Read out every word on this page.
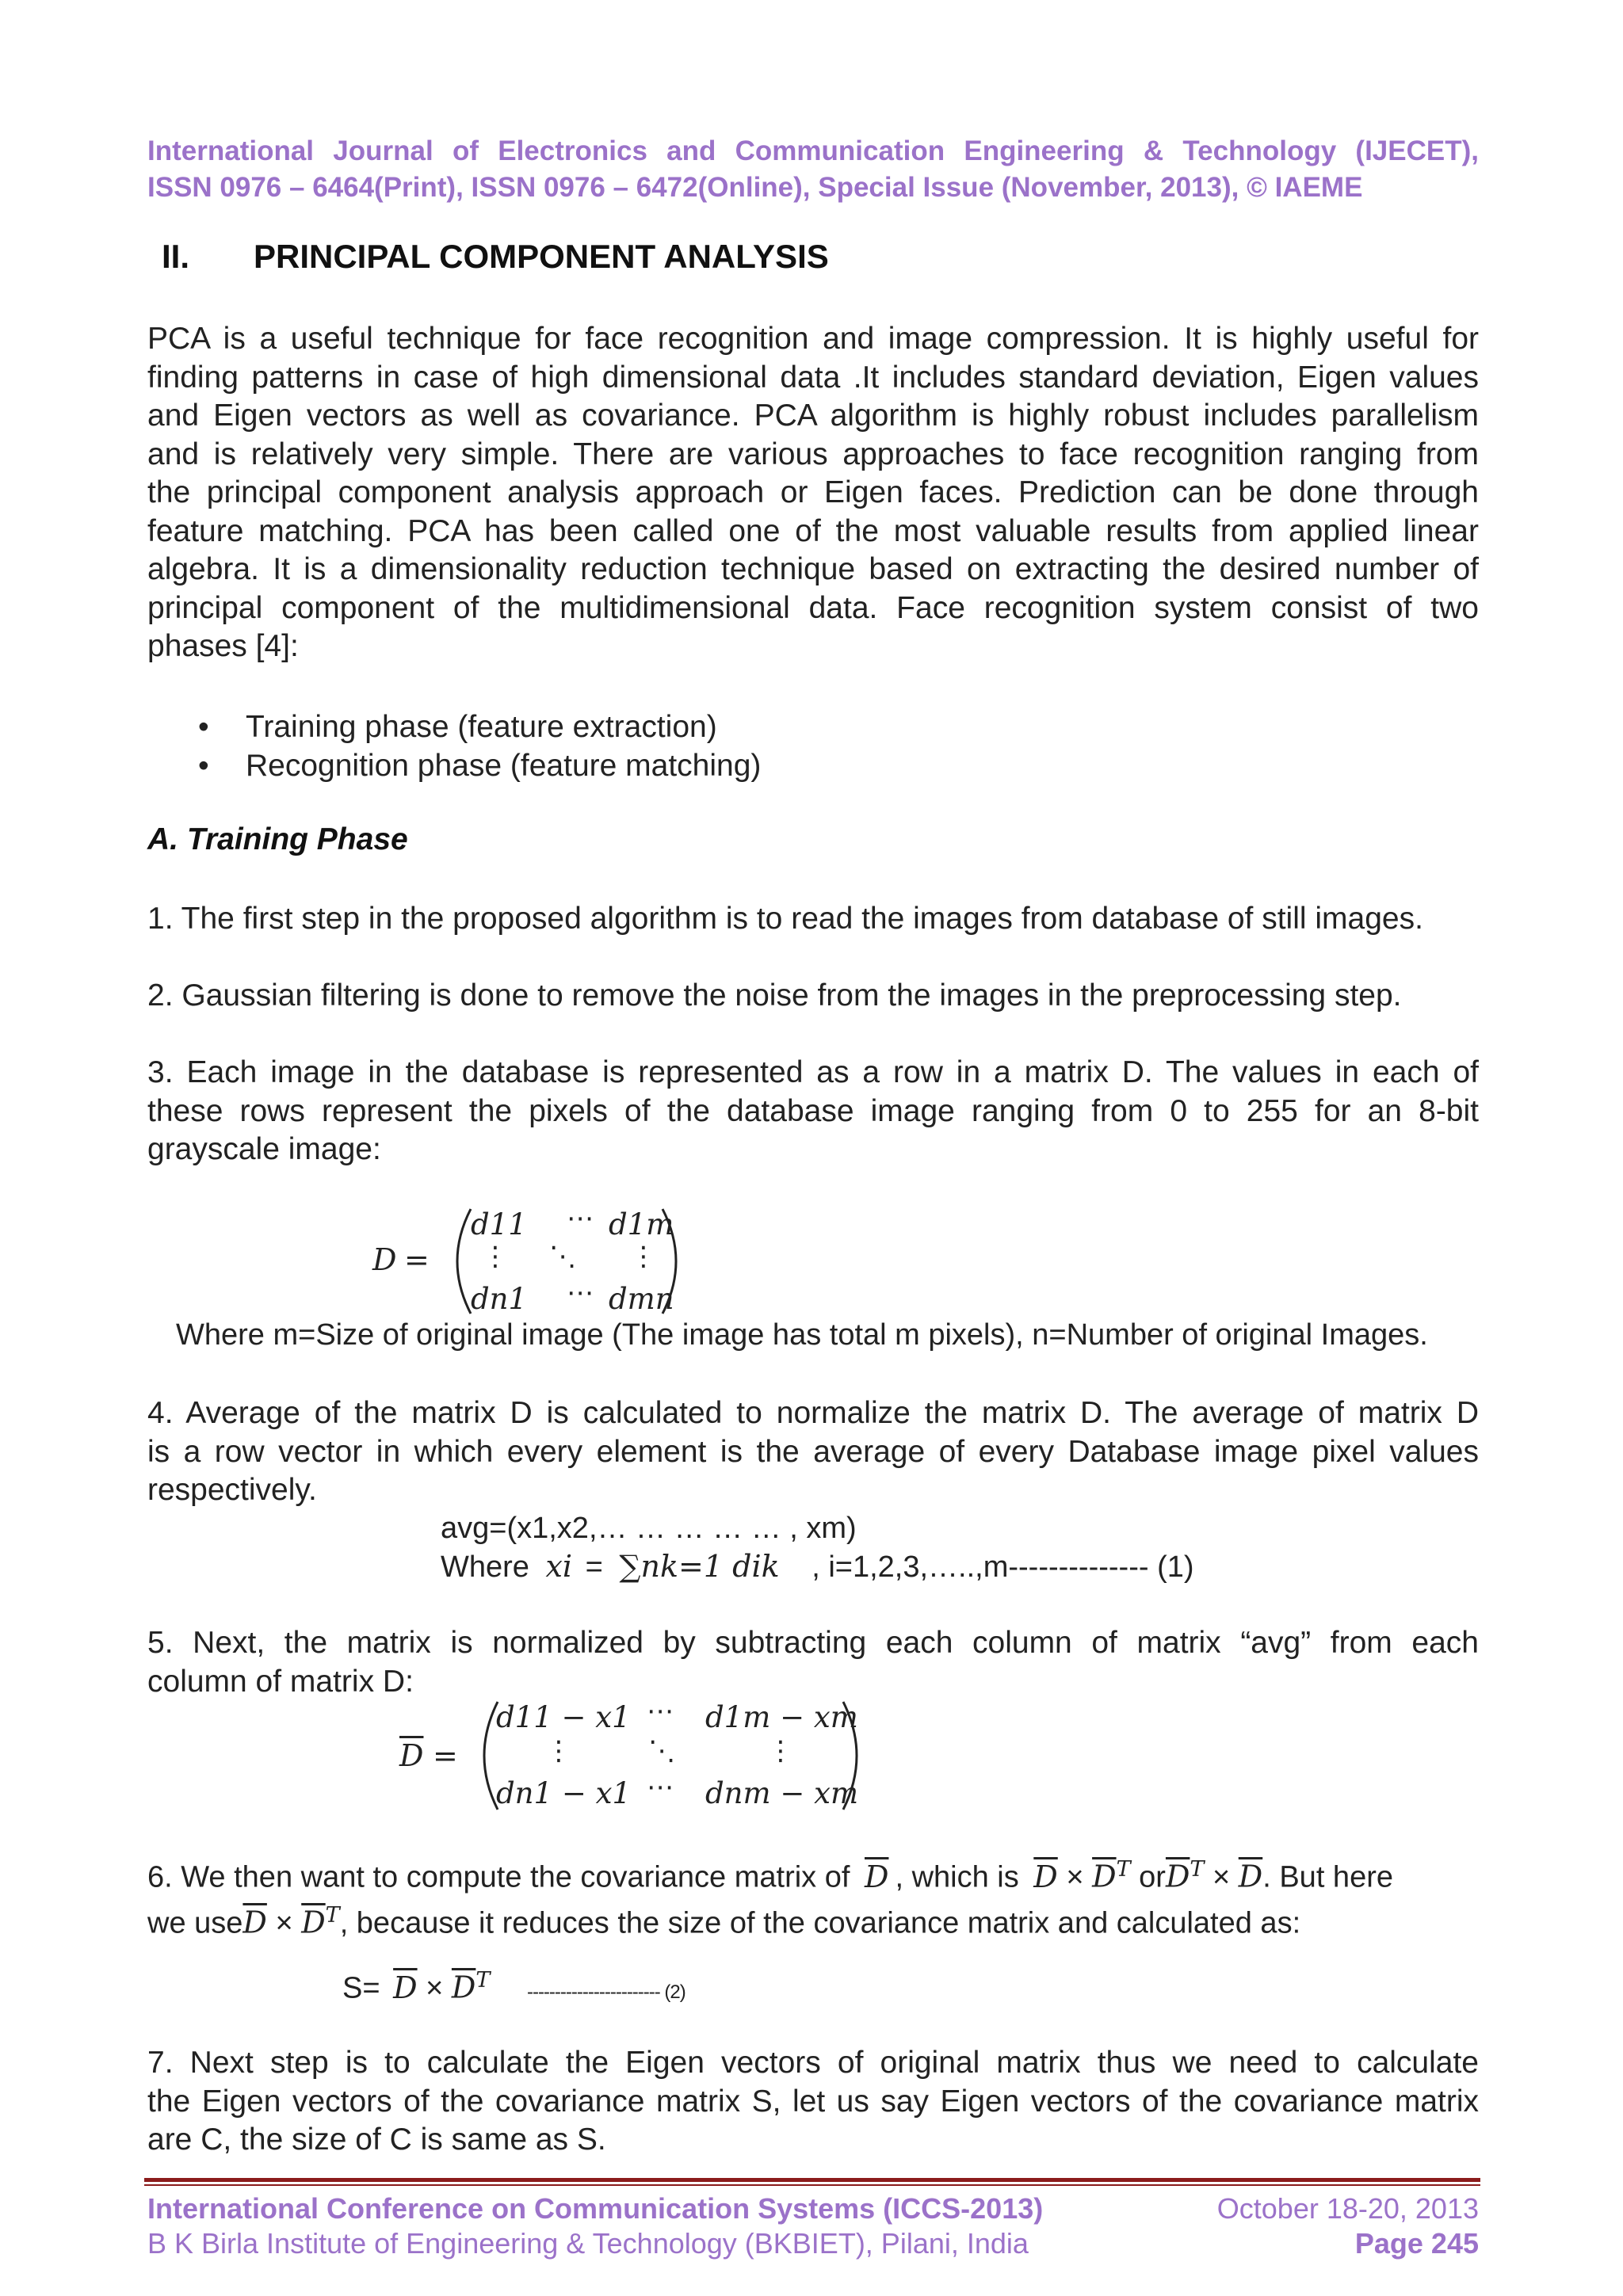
International Journal of Electronics and Communication Engineering & Technology (IJECET),
ISSN 0976 – 6464(Print), ISSN 0976 – 6472(Online), Special Issue (November, 2013), © IAEME
II. PRINCIPAL COMPONENT ANALYSIS
PCA is a useful technique for face recognition and image compression. It is highly useful for
finding patterns in case of high dimensional data .It includes standard deviation, Eigen values
and Eigen vectors as well as covariance. PCA algorithm is highly robust includes parallelism
and is relatively very simple. There are various approaches to face recognition ranging from
the principal component analysis approach or Eigen faces. Prediction can be done through
feature matching. PCA has been called one of the most valuable results from applied linear
algebra. It is a dimensionality reduction technique based on extracting the desired number of
principal component of the multidimensional data. Face recognition system consist of two
phases [4]:
• Training phase (feature extraction)
• Recognition phase (feature matching)
A. Training Phase
1. The first step in the proposed algorithm is to read the images from database of still images.
2. Gaussian filtering is done to remove the noise from the images in the preprocessing step.
3. Each image in the database is represented as a row in a matrix D. The values in each of
these rows represent the pixels of the database image ranging from 0 to 255 for an 8-bit
grayscale image:
D =
d11 ⋯ d1m
⋮ ⋱ ⋮
dn1 ⋯ dmn
Where m=Size of original image (The image has total m pixels), n=Number of original Images.
4. Average of the matrix D is calculated to normalize the matrix D. The average of matrix D
is a row vector in which every element is the average of every Database image pixel values
respectively.
avg=(x1,x2,… … … … … , xm)
Where xi = ∑nk=1 dik , i=1,2,3,…..,m-------------- (1)
5. Next, the matrix is normalized by subtracting each column of matrix “avg” from each
column of matrix D:
$\overline{D}$ =
d11 − x1 ⋯ d1m − xm
⋮	⋱	⋮
dn1 − x1 ⋯ dnm − xm
6. We then want to compute the covariance matrix of $\overline{D}$ , which is $\overline{D} \times \overline{D}^T$ $or\overline{D}^T \times \overline{D}$. But here
we $use\overline{D} \times \overline{D}^T$, because it reduces the size of the covariance matrix and calculated as:
$S= \overline{D} \times \overline{D}^T$ ------------------------ (2)
7. Next step is to calculate the Eigen vectors of original matrix thus we need to calculate
the Eigen vectors of the covariance matrix S, let us say Eigen vectors of the covariance matrix
are C, the size of C is same as S.
International Conference on Communication Systems (ICCS-2013)
B K Birla Institute of Engineering & Technology (BKBIET), Pilani, India
October 18-20, 2013
Page 245
